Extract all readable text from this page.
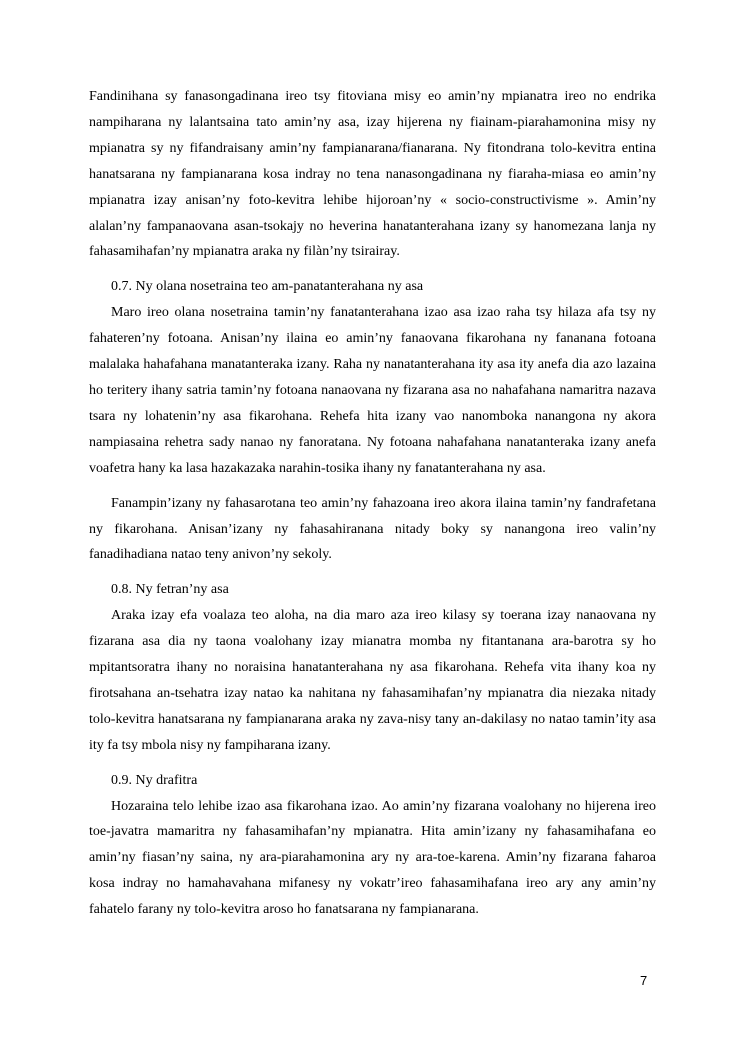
Fandinihana sy fanasongadinana ireo tsy fitoviana misy eo amin’ny mpianatra ireo no endrika nampiharana ny lalantsaina tato amin’ny asa, izay hijerena ny fiainam-piarahamonina misy ny mpianatra sy ny fifandraisany amin’ny fampianarana/fianarana. Ny fitondrana tolo-kevitra entina hanatsarana ny fampianarana kosa indray no tena nanasongadinana ny fiaraha-miasa eo amin’ny mpianatra izay anisan’ny foto-kevitra lehibe hijoroan’ny « socio-constructivisme ». Amin’ny alalan’ny fampanaovana asan-tsokajy no heverina hanatanterahana izany sy hanomezana lanja ny fahasamihafan’ny mpianatra araka ny filàn’ny tsirairay.

0.7. Ny olana nosetraina teo am-panatanterahana ny asa

Maro ireo olana nosetraina tamin’ny fanatanterahana izao asa izao raha tsy hilaza afa tsy ny fahateren’ny fotoana. Anisan’ny ilaina eo amin’ny fanaovana fikarohana ny fananana fotoana malalaka hahafahana manatanteraka izany. Raha ny nanatanterahana ity asa ity anefa dia azo lazaina ho teritery ihany satria tamin’ny fotoana nanaovana ny fizarana asa no nahafahana namaritra nazava tsara ny lohatenin’ny asa fikarohana. Rehefa hita izany vao nanomboka nanangona ny akora nampiasaina rehetra sady nanao ny fanoratana. Ny fotoana nahafahana nanatanteraka izany anefa voafetra hany ka lasa hazakazaka narahin-tosika ihany ny fanatanterahana ny asa.

Fanampin’izany ny fahasarotana teo amin’ny fahazoana ireo akora ilaina tamin’ny fandrafetana ny fikarohana. Anisan’izany ny fahasahiranana nitady boky sy nanangona ireo valin’ny fanadihadiana natao teny anivon’ny sekoly.

0.8. Ny fetran’ny asa

Araka izay efa voalaza teo aloha, na dia maro aza ireo kilasy sy toerana izay nanaovana ny fizarana asa dia ny taona voalohany izay mianatra momba ny fitantanana ara-barotra sy ho mpitantsoratra ihany no noraisina hanatanterahana ny asa fikarohana. Rehefa vita ihany koa ny firotsahana an-tsehatra izay natao ka nahitana ny fahasamihafan’ny mpianatra dia niezaka nitady tolo-kevitra hanatsarana ny fampianarana araka ny zava-nisy tany an-dakilasy no natao tamin’ity asa ity fa tsy mbola nisy ny fampiharana izany.

0.9. Ny drafitra

Hozaraina telo lehibe izao asa fikarohana izao. Ao amin’ny fizarana voalohany no hijerena ireo toe-javatra mamaritra ny fahasamihafan’ny mpianatra. Hita amin’izany ny fahasamihafana eo amin’ny fiasan’ny saina, ny ara-piarahamonina ary ny ara-toe-karena. Amin’ny fizarana faharoa kosa indray no hamahavahana mifanesy ny vokatr’ireo fahasamihafana ireo ary any amin’ny fahatelo farany ny tolo-kevitra aroso ho fanatsarana ny fampianarana.

7
